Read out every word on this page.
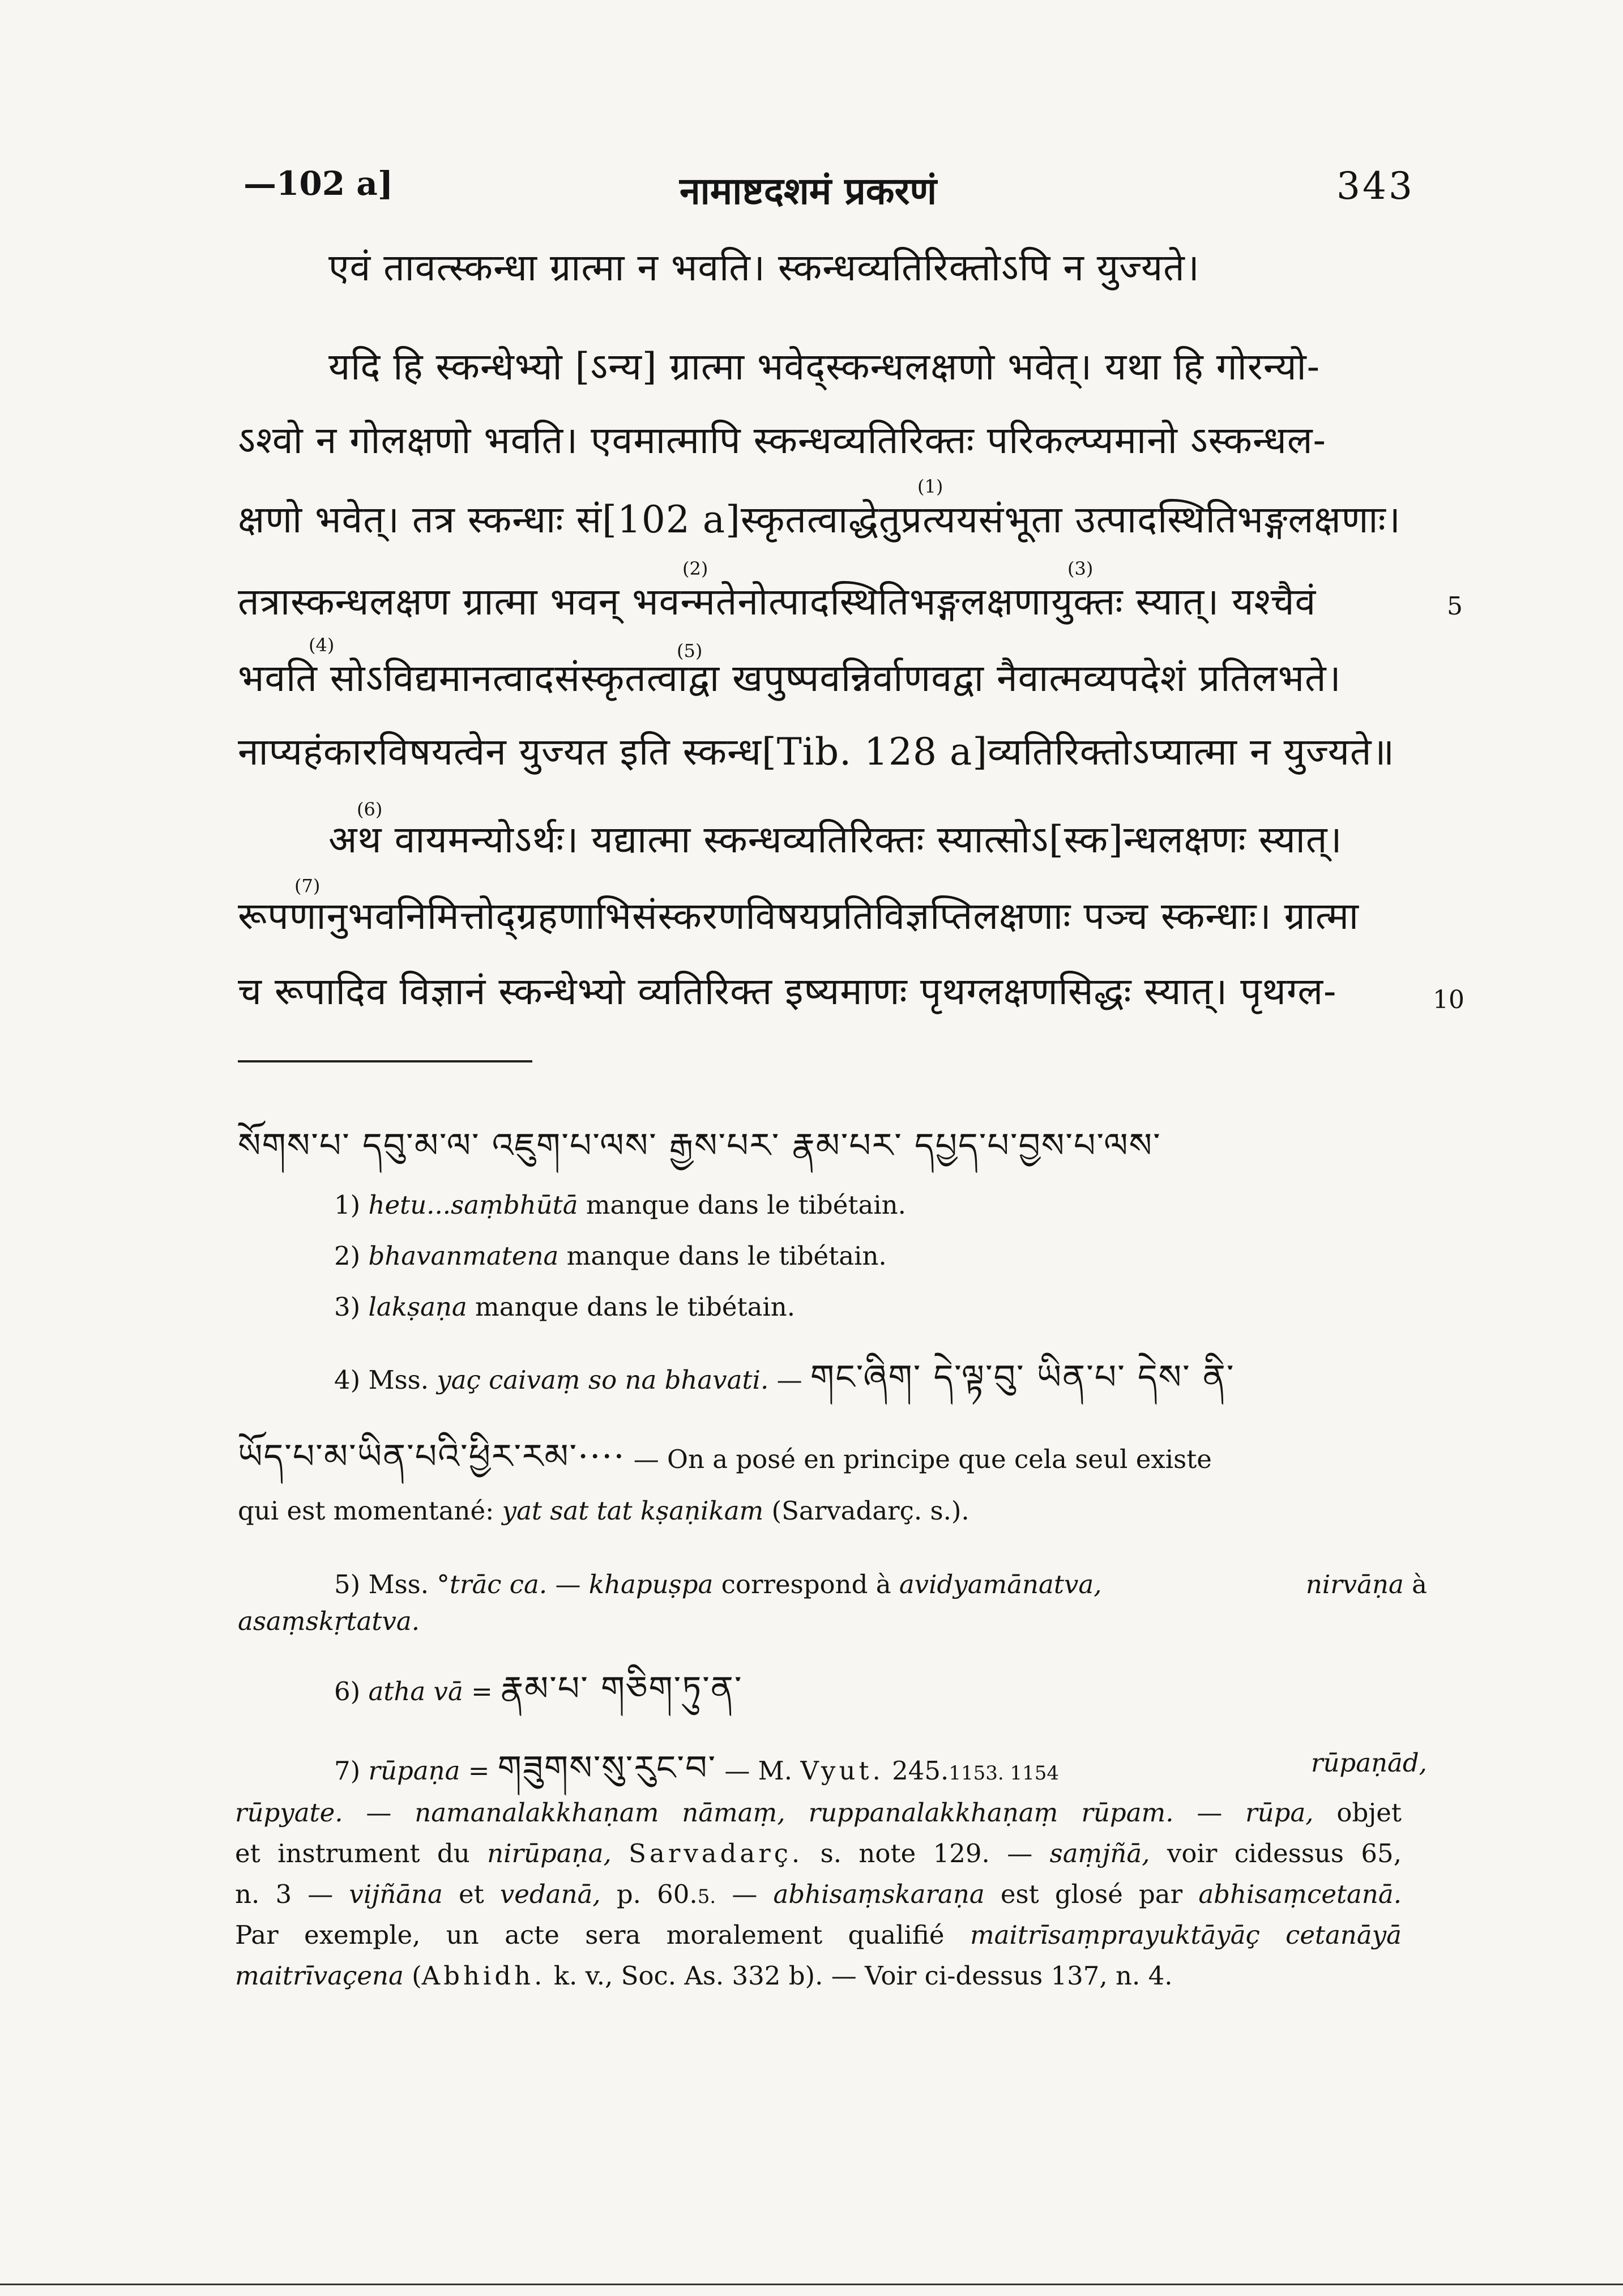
—102 a]	नामाष्टदशमं प्रकरणं	343
एवं तावत्स्कन्धा ग्रात्मा न भवति। स्कन्धव्यतिरिक्तोऽपि न युज्यते।
यदि हि स्कन्धेभ्यो [ऽन्य] ग्रात्मा भवेद्स्कन्धलक्षणो भवेत्। यथा हि गोरन्यो-
ऽश्वो न गोलक्षणो भवति। एवमात्मापि स्कन्धव्यतिरिक्तः परिकल्प्यमानो ऽस्कन्धल-
(1)
क्षणो भवेत्। तत्र स्कन्धाः सं[102 a]स्कृतत्वाद्धेतुप्रत्ययसंभूता उत्पादस्थितिभङ्गलक्षणाः।
(2)	(3)
तत्रास्कन्धलक्षण ग्रात्मा भवन् भवन्मतेनोत्पादस्थितिभङ्गलक्षणायुक्तः स्यात्। यश्चैवं	5
(4)	(5)
भवति सोऽविद्यमानत्वादसंस्कृतत्वाद्वा खपुष्पवन्निर्वाणवद्वा नैवात्मव्यपदेशं प्रतिलभते।
नाप्यहंकारविषयत्वेन युज्यत इति स्कन्ध[Tib. 128 a]व्यतिरिक्तोऽप्यात्मा न युज्यते॥
(6)
अथ वायमन्योऽर्थः। यद्यात्मा स्कन्धव्यतिरिक्तः स्यात्सोऽ[स्क]न्धलक्षणः स्यात्।
(7)
रूपणानुभवनिमित्तोद्ग्रहणाभिसंस्करणविषयप्रतिविज्ञप्तिलक्षणाः पञ्च स्कन्धाः। ग्रात्मा
च रूपादिव विज्ञानं स्कन्धेभ्यो व्यतिरिक्त इष्यमाणः पृथग्लक्षणसिद्धः स्यात्। पृथग्ल-	10
སོགས་པ་ དབུ་མ་ལ་ འཇུག་པ་ལས་ རྒྱས་པར་ རྣམ་པར་ དཔྱད་པ་བྱས་པ་ལས་
1) hetu...saṃbhūtā manque dans le tibétain.
2) bhavanmatena manque dans le tibétain.
3) lakṣaṇa manque dans le tibétain.
4) Mss. yaç caivaṃ so na bhavati. — གང་ཞིག་ དེ་ལྟ་བུ་ ཡིན་པ་ དེས་ ནི་
ཡོད་པ་མ་ཡིན་པའི་ཕྱིར་རམ་···· — On a posé en principe que cela seul existe
qui est momentané: yat sat tat kṣaṇikam (Sarvadarç. s.).
5) Mss. °trāc ca. — khapuṣpa correspond à avidyamānatva,	nirvāṇa à
asaṃskṛtatva.
6) atha vā = རྣམ་པ་ གཅིག་ཏུ་ན་
7) rūpaṇa = གཟུགས་སུ་རུང་བ་ — M. Vyut. 245.1153. 1154	rūpaṇād,
rūpyate. — namanalakkhaṇam nāmaṃ, ruppanalakkhaṇaṃ rūpam. — rūpa, objet
et instrument du nirūpaṇa, Sarvadarç. s. note 129. — saṃjñā, voir cidessus 65,
n. 3 — vijñāna et vedanā, p. 60.5. — abhisaṃskaraṇa est glosé par abhisaṃcetanā.
Par exemple, un acte sera moralement qualifié maitrīsaṃprayuktāyāç cetanāyā
maitrīvaçena (Abhidh. k. v., Soc. As. 332 b). — Voir ci-dessus 137, n. 4.
